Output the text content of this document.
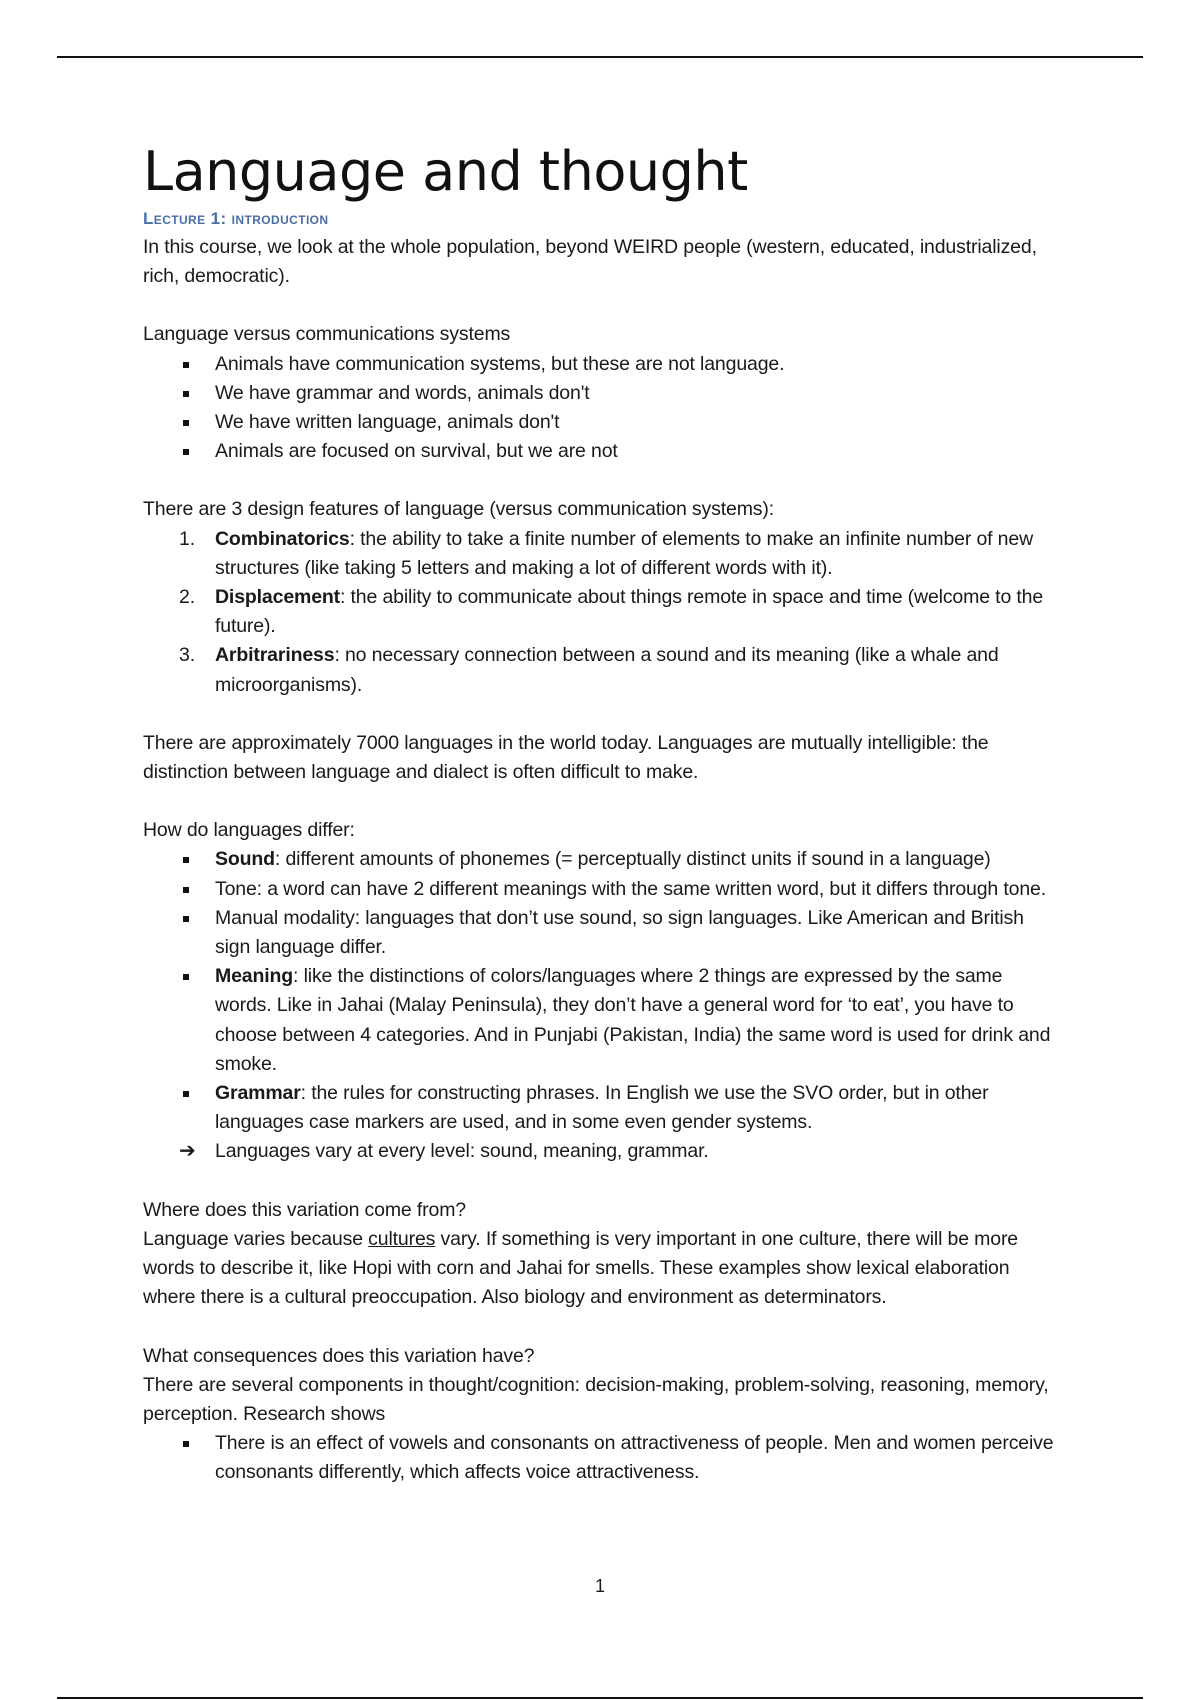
Language and thought
Lecture 1: introduction

In this course, we look at the whole population, beyond WEIRD people (western, educated, industrialized, rich, democratic).

Language versus communications systems

Animals have communication systems, but these are not language.
We have grammar and words, animals don't
We have written language, animals don't
Animals are focused on survival, but we are not

There are 3 design features of language (versus communication systems):

1. Combinatorics: the ability to take a finite number of elements to make an infinite number of new structures (like taking 5 letters and making a lot of different words with it).
2. Displacement: the ability to communicate about things remote in space and time (welcome to the future).
3. Arbitrariness: no necessary connection between a sound and its meaning (like a whale and microorganisms).

There are approximately 7000 languages in the world today. Languages are mutually intelligible: the distinction between language and dialect is often difficult to make.

How do languages differ:

Sound: different amounts of phonemes (= perceptually distinct units if sound in a language)
Tone: a word can have 2 different meanings with the same written word, but it differs through tone.
Manual modality: languages that don’t use sound, so sign languages. Like American and British sign language differ.
Meaning: like the distinctions of colors/languages where 2 things are expressed by the same words. Like in Jahai (Malay Peninsula), they don’t have a general word for ‘to eat’, you have to choose between 4 categories. And in Punjabi (Pakistan, India) the same word is used for drink and smoke.
Grammar: the rules for constructing phrases. In English we use the SVO order, but in other languages case markers are used, and in some even gender systems.
➔ Languages vary at every level: sound, meaning, grammar.

Where does this variation come from?

Language varies because cultures vary. If something is very important in one culture, there will be more words to describe it, like Hopi with corn and Jahai for smells. These examples show lexical elaboration where there is a cultural preoccupation. Also biology and environment as determinators.

What consequences does this variation have?

There are several components in thought/cognition: decision-making, problem-solving, reasoning, memory, perception. Research shows

There is an effect of vowels and consonants on attractiveness of people. Men and women perceive consonants differently, which affects voice attractiveness.
1
